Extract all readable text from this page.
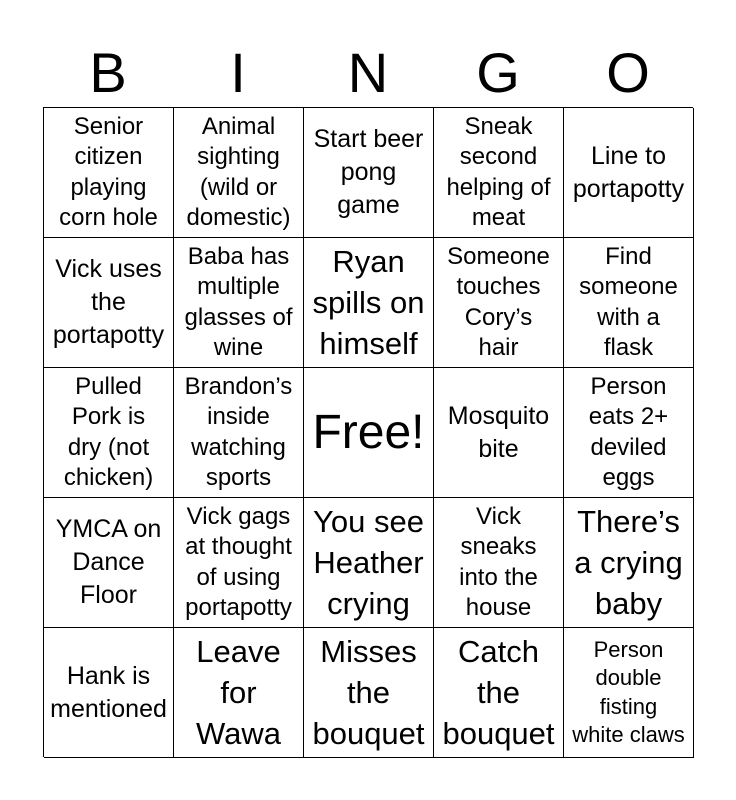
B	I	N	G	O
Senior
citizen
playing
corn hole
Animal
sighting
(wild or
domestic)
Start beer
pong
game
Sneak
second
helping of
meat
Line to
portapotty
Vick uses
the
portapotty
Baba has
multiple
glasses of
wine
Ryan
spills on
himself
Someone
touches
Cory’s
hair
Find
someone
with a
flask
Pulled
Pork is
dry (not
chicken)
Brandon’s
inside
watching
sports
Free! Mosquito
bite
Person
eats 2+
deviled
eggs
YMCA on
Dance
Floor
Vick gags
at thought
of using
portapotty
You see
Heather
crying
Vick
sneaks
into the
house
There’s
a crying
baby
Hank is
mentioned
Leave
for
Wawa
Misses
the
bouquet
Catch
the
bouquet
Person
double
fisting
white claws
